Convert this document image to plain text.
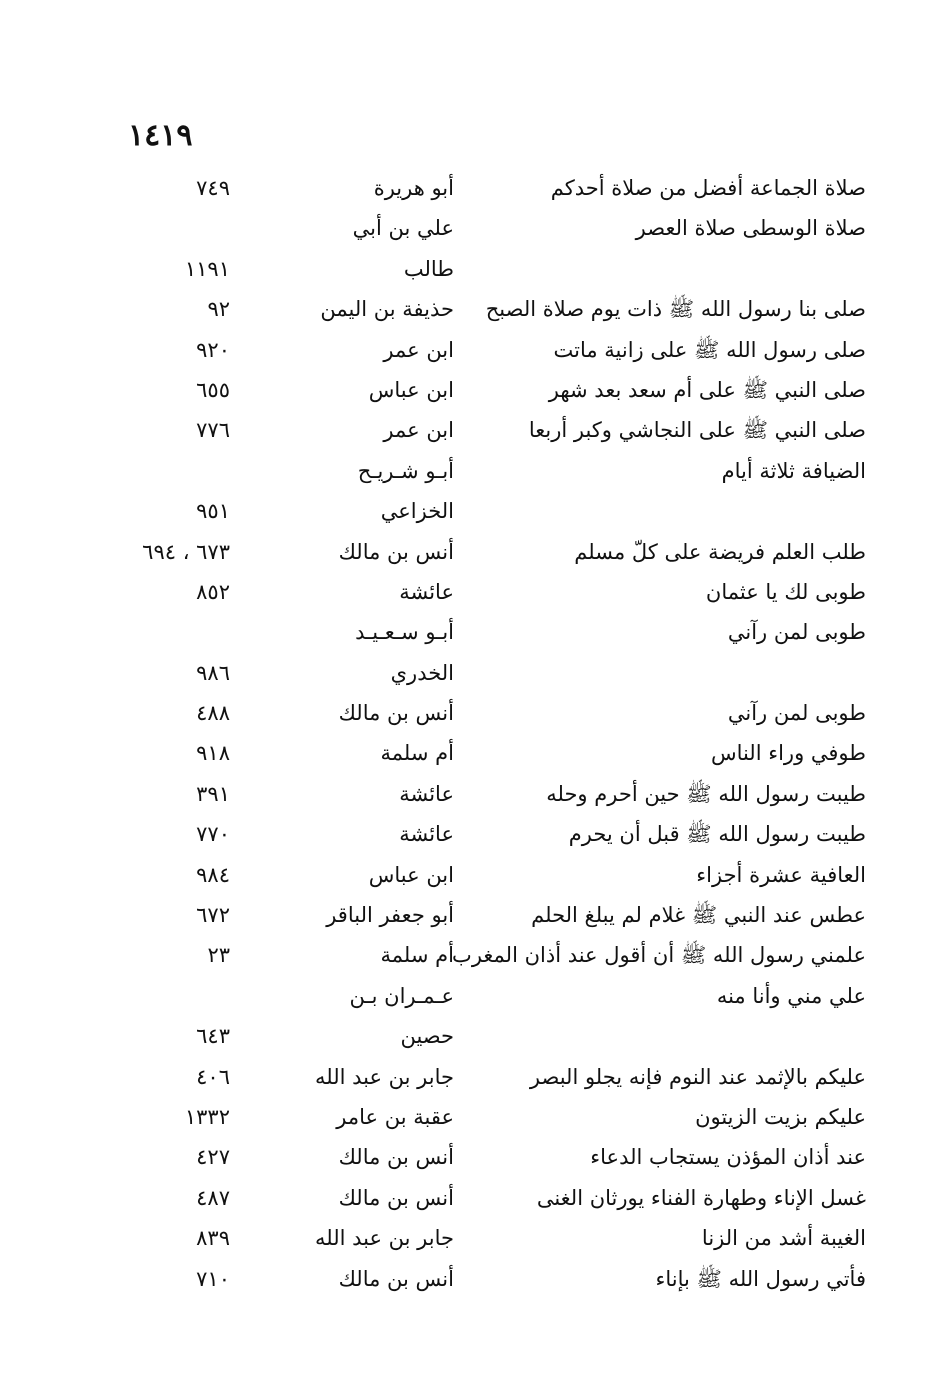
١٤١٩
صلاة الجماعة أفضل من صلاة أحدكم
أبو هريرة
٧٤٩
صلاة الوسطى صلاة العصر
علي بن أبي
طالب
١١٩١
صلى بنا رسول الله ﷺ ذات يوم صلاة الصبح
حذيفة بن اليمن
٩٢
صلى رسول الله ﷺ على زانية ماتت
ابن عمر
٩٢٠
صلى النبي ﷺ على أم سعد بعد شهر
ابن عباس
٦٥٥
صلى النبي ﷺ على النجاشي وكبر أربعا
ابن عمر
٧٧٦
الضيافة ثلاثة أيام
أبـو شـريـح
الخزاعي
٩٥١
طلب العلم فريضة على كلّ مسلم
أنس بن مالك
٦٧٣ ، ٦٩٤
طوبى لك يا عثمان
عائشة
٨٥٢
طوبى لمن رآني
أبـو سـعـيـد
الخدري
٩٨٦
طوبى لمن رآني
أنس بن مالك
٤٨٨
طوفي وراء الناس
أم سلمة
٩١٨
طيبت رسول الله ﷺ حين أحرم وحله
عائشة
٣٩١
طيبت رسول الله ﷺ قبل أن يحرم
عائشة
٧٧٠
العافية عشرة أجزاء
ابن عباس
٩٨٤
عطس عند النبي ﷺ غلام لم يبلغ الحلم
أبو جعفر الباقر
٦٧٢
علمني رسول الله ﷺ أن أقول عند أذان المغرب
أم سلمة
٢٣
علي مني وأنا منه
عـمـران بـن
حصين
٦٤٣
عليكم بالإثمد عند النوم فإنه يجلو البصر
جابر بن عبد الله
٤٠٦
عليكم بزيت الزيتون
عقبة بن عامر
١٣٣٢
عند أذان المؤذن يستجاب الدعاء
أنس بن مالك
٤٢٧
غسل الإناء وطهارة الفناء يورثان الغنى
أنس بن مالك
٤٨٧
الغيبة أشد من الزنا
جابر بن عبد الله
٨٣٩
فأتي رسول الله ﷺ بإناء
أنس بن مالك
٧١٠
